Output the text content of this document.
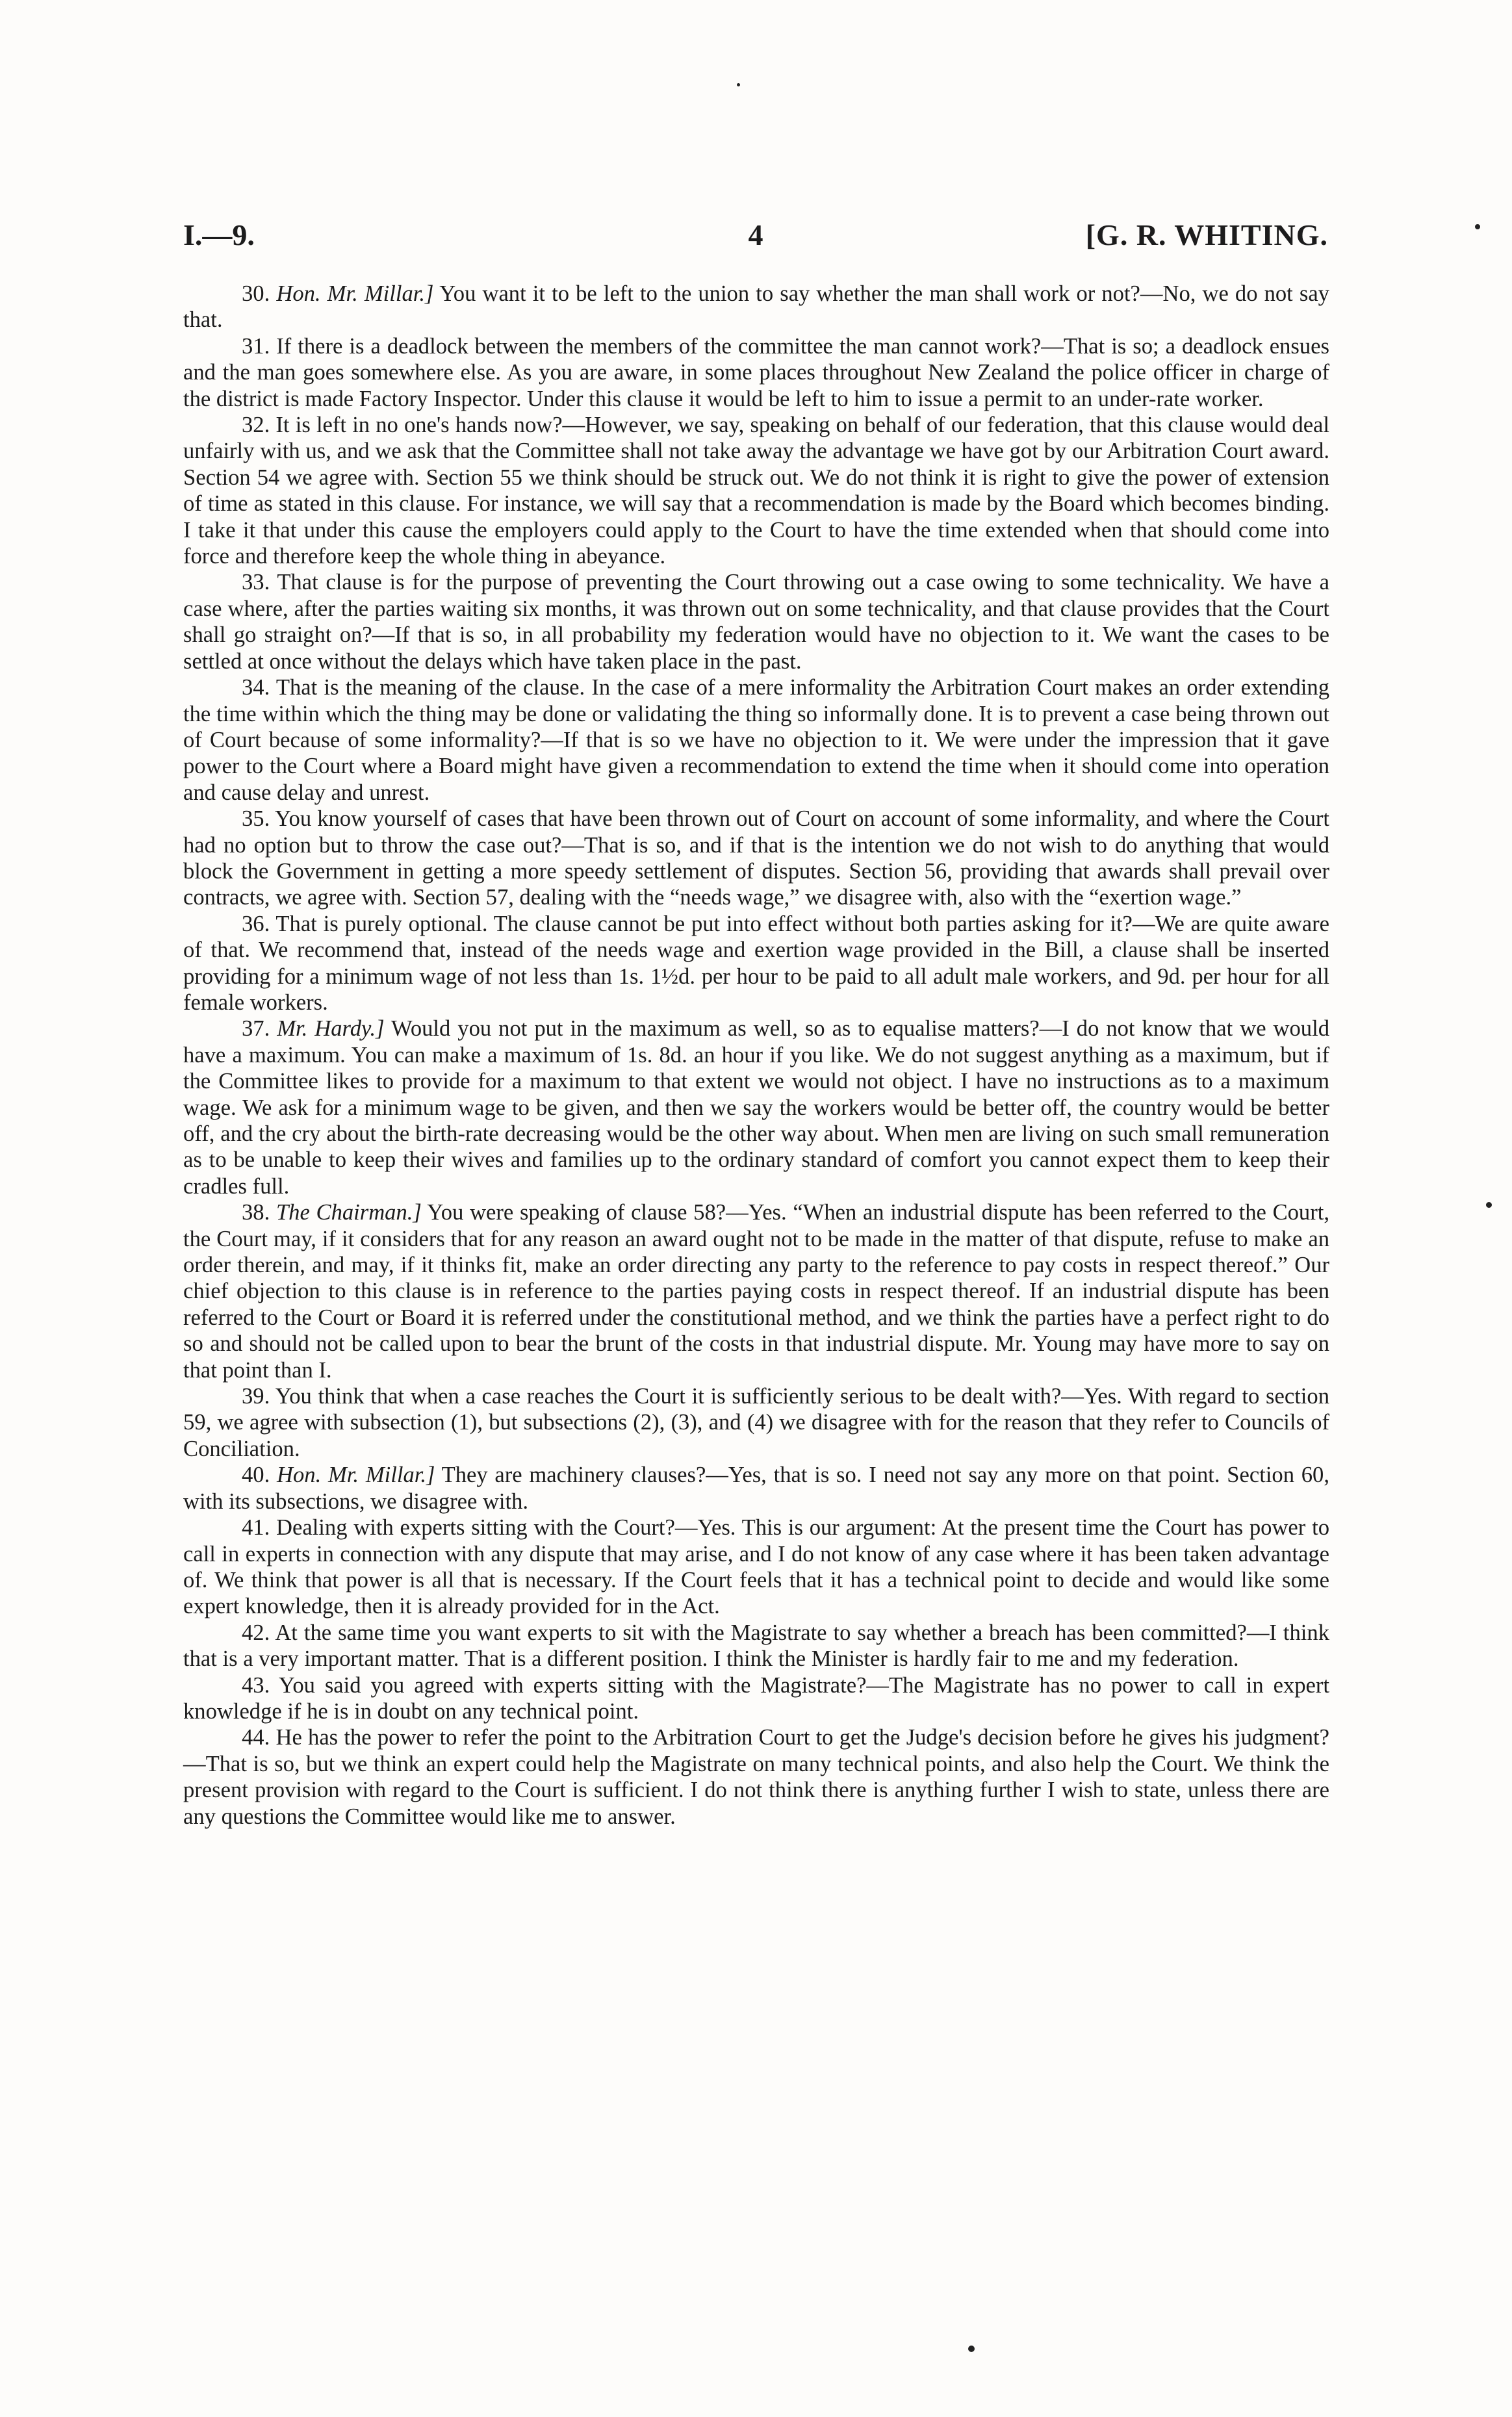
I.—9.	4	[G. R. WHITING.

30. Hon. Mr. Millar.] You want it to be left to the union to say whether the man shall work or not?—No, we do not say that.

31. If there is a deadlock between the members of the committee the man cannot work?—That is so; a deadlock ensues and the man goes somewhere else. As you are aware, in some places throughout New Zealand the police officer in charge of the district is made Factory Inspector. Under this clause it would be left to him to issue a permit to an under-rate worker.

32. It is left in no one's hands now?—However, we say, speaking on behalf of our federation, that this clause would deal unfairly with us, and we ask that the Committee shall not take away the advantage we have got by our Arbitration Court award. Section 54 we agree with. Section 55 we think should be struck out. We do not think it is right to give the power of extension of time as stated in this clause. For instance, we will say that a recommendation is made by the Board which becomes binding. I take it that under this cause the employers could apply to the Court to have the time extended when that should come into force and therefore keep the whole thing in abeyance.

33. That clause is for the purpose of preventing the Court throwing out a case owing to some technicality. We have a case where, after the parties waiting six months, it was thrown out on some technicality, and that clause provides that the Court shall go straight on?—If that is so, in all probability my federation would have no objection to it. We want the cases to be settled at once without the delays which have taken place in the past.

34. That is the meaning of the clause. In the case of a mere informality the Arbitration Court makes an order extending the time within which the thing may be done or validating the thing so informally done. It is to prevent a case being thrown out of Court because of some informality?—If that is so we have no objection to it. We were under the impression that it gave power to the Court where a Board might have given a recommendation to extend the time when it should come into operation and cause delay and unrest.

35. You know yourself of cases that have been thrown out of Court on account of some informality, and where the Court had no option but to throw the case out?—That is so, and if that is the intention we do not wish to do anything that would block the Government in getting a more speedy settlement of disputes. Section 56, providing that awards shall prevail over contracts, we agree with. Section 57, dealing with the “needs wage,” we disagree with, also with the “exertion wage.”

36. That is purely optional. The clause cannot be put into effect without both parties asking for it?—We are quite aware of that. We recommend that, instead of the needs wage and exertion wage provided in the Bill, a clause shall be inserted providing for a minimum wage of not less than 1s. 1½d. per hour to be paid to all adult male workers, and 9d. per hour for all female workers.

37. Mr. Hardy.] Would you not put in the maximum as well, so as to equalise matters?—I do not know that we would have a maximum. You can make a maximum of 1s. 8d. an hour if you like. We do not suggest anything as a maximum, but if the Committee likes to provide for a maximum to that extent we would not object. I have no instructions as to a maximum wage. We ask for a minimum wage to be given, and then we say the workers would be better off, the country would be better off, and the cry about the birth-rate decreasing would be the other way about. When men are living on such small remuneration as to be unable to keep their wives and families up to the ordinary standard of comfort you cannot expect them to keep their cradles full.

38. The Chairman.] You were speaking of clause 58?—Yes. “When an industrial dispute has been referred to the Court, the Court may, if it considers that for any reason an award ought not to be made in the matter of that dispute, refuse to make an order therein, and may, if it thinks fit, make an order directing any party to the reference to pay costs in respect thereof.” Our chief objection to this clause is in reference to the parties paying costs in respect thereof. If an industrial dispute has been referred to the Court or Board it is referred under the constitutional method, and we think the parties have a perfect right to do so and should not be called upon to bear the brunt of the costs in that industrial dispute. Mr. Young may have more to say on that point than I.

39. You think that when a case reaches the Court it is sufficiently serious to be dealt with?—Yes. With regard to section 59, we agree with subsection (1), but subsections (2), (3), and (4) we disagree with for the reason that they refer to Councils of Conciliation.

40. Hon. Mr. Millar.] They are machinery clauses?—Yes, that is so. I need not say any more on that point. Section 60, with its subsections, we disagree with.

41. Dealing with experts sitting with the Court?—Yes. This is our argument: At the present time the Court has power to call in experts in connection with any dispute that may arise, and I do not know of any case where it has been taken advantage of. We think that power is all that is necessary. If the Court feels that it has a technical point to decide and would like some expert knowledge, then it is already provided for in the Act.

42. At the same time you want experts to sit with the Magistrate to say whether a breach has been committed?—I think that is a very important matter. That is a different position. I think the Minister is hardly fair to me and my federation.

43. You said you agreed with experts sitting with the Magistrate?—The Magistrate has no power to call in expert knowledge if he is in doubt on any technical point.

44. He has the power to refer the point to the Arbitration Court to get the Judge's decision before he gives his judgment?—That is so, but we think an expert could help the Magistrate on many technical points, and also help the Court. We think the present provision with regard to the Court is sufficient. I do not think there is anything further I wish to state, unless there are any questions the Committee would like me to answer.
